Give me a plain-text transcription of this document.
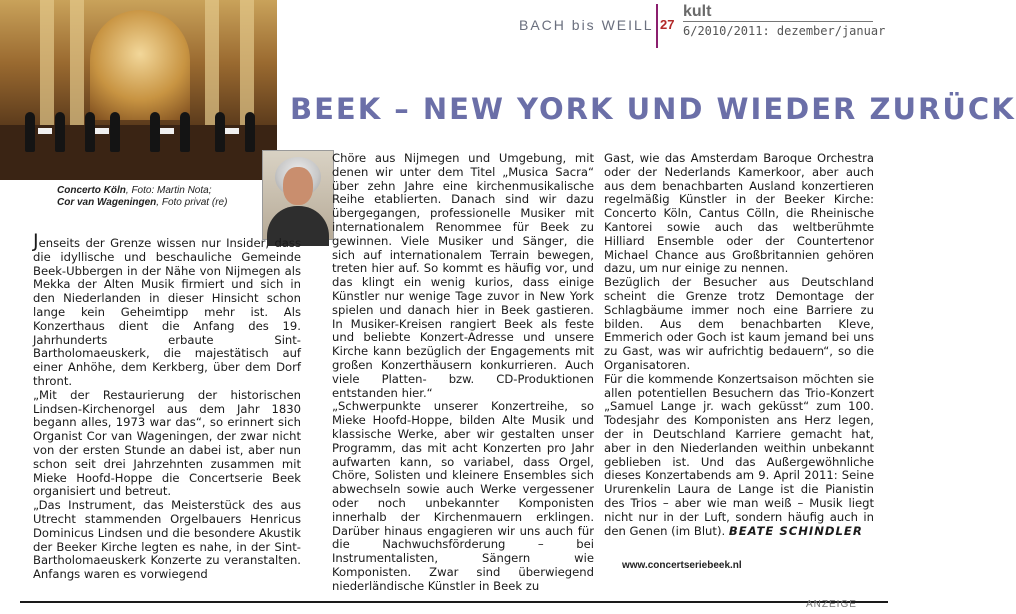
BACH bis WEILL 27
kult
6/2010/2011: dezember/januar
Concerto Köln, Foto: Martin Nota;
Cor van Wageningen, Foto privat (re)
BEEK – NEW YORK UND WIEDER ZURÜCK

Jenseits der Grenze wissen nur Insider, dass die idyllische und beschauliche Gemeinde Beek-Ubbergen in der Nähe von Nijmegen als Mekka der Alten Musik firmiert und sich in den Niederlanden in dieser Hinsicht schon lange kein Geheimtipp mehr ist. Als Konzerthaus dient die Anfang des 19. Jahrhunderts erbaute Sint-Bartholomaeuskerk, die majestätisch auf einer Anhöhe, dem Kerkberg, über dem Dorf thront.

„Mit der Restaurierung der historischen Lindsen-Kirchenorgel aus dem Jahr 1830 begann alles, 1973 war das“, so erinnert sich Organist Cor van Wageningen, der zwar nicht von der ersten Stunde an dabei ist, aber nun schon seit drei Jahrzehnten zusammen mit Mieke Hoofd-Hoppe die Concertserie Beek organisiert und betreut.

„Das Instrument, das Meisterstück des aus Utrecht stammenden Orgelbauers Henricus Dominicus Lindsen und die besondere Akustik der Beeker Kirche legten es nahe, in der Sint- Bartholomaeuskerk Konzerte zu veranstalten. Anfangs waren es vorwiegend

Chöre aus Nijmegen und Umgebung, mit denen wir unter dem Titel „Musica Sacra“ über zehn Jahre eine kirchenmusikalische Reihe etablierten. Danach sind wir dazu übergegangen, professionelle Musiker mit internationalem Renommee für Beek zu gewinnen. Viele Musiker und Sänger, die sich auf internationalem Terrain bewegen, treten hier auf. So kommt es häufig vor, und das klingt ein wenig kurios, dass einige Künstler nur wenige Tage zuvor in New York spielen und danach hier in Beek gastieren. In Musiker-Kreisen rangiert Beek als feste und beliebte Konzert-Adresse und unsere Kirche kann bezüglich der Engagements mit großen Konzerthäusern konkurrieren. Auch viele Platten- bzw. CD-Produktionen entstanden hier.“

„Schwerpunkte unserer Konzertreihe, so Mieke Hoofd-Hoppe, bilden Alte Musik und klassische Werke, aber wir gestalten unser Programm, das mit acht Konzerten pro Jahr aufwarten kann, so variabel, dass Orgel, Chöre, Solisten und kleinere Ensembles sich abwechseln sowie auch Werke vergessener oder noch unbekannter Komponisten innerhalb der Kirchenmauern erklingen. Darüber hinaus engagieren wir uns auch für die Nachwuchsförderung – bei Instrumentalisten, Sängern wie Komponisten. Zwar sind überwiegend niederländische Künstler in Beek zu

Gast, wie das Amsterdam Baroque Orchestra oder der Nederlands Kamerkoor, aber auch aus dem benachbarten Ausland konzertieren regelmäßig Künstler in der Beeker Kirche: Concerto Köln, Cantus Cölln, die Rheinische Kantorei sowie auch das weltberühmte Hilliard Ensemble oder der Countertenor Michael Chance aus Großbritannien gehören dazu, um nur einige zu nennen.

Bezüglich der Besucher aus Deutschland scheint die Grenze trotz Demontage der Schlagbäume immer noch eine Barriere zu bilden. Aus dem benachbarten Kleve, Emmerich oder Goch ist kaum jemand bei uns zu Gast, was wir aufrichtig bedauern“, so die Organisatoren.

Für die kommende Konzertsaison möchten sie allen potentiellen Besuchern das Trio-Konzert „Samuel Lange jr. wach geküsst“ zum 100. Todesjahr des Komponisten ans Herz legen, der in Deutschland Karriere gemacht hat, aber in den Niederlanden weithin unbekannt geblieben ist. Und das Außergewöhnliche dieses Konzertabends am 9. April 2011: Seine Ururenkelin Laura de Lange ist die Pianistin des Trios – aber wie man weiß – Musik liegt nicht nur in der Luft, sondern häufig auch in den Genen (im Blut). BEATE SCHINDLER

www.concertseriebeek.nl
ANZEIGE
